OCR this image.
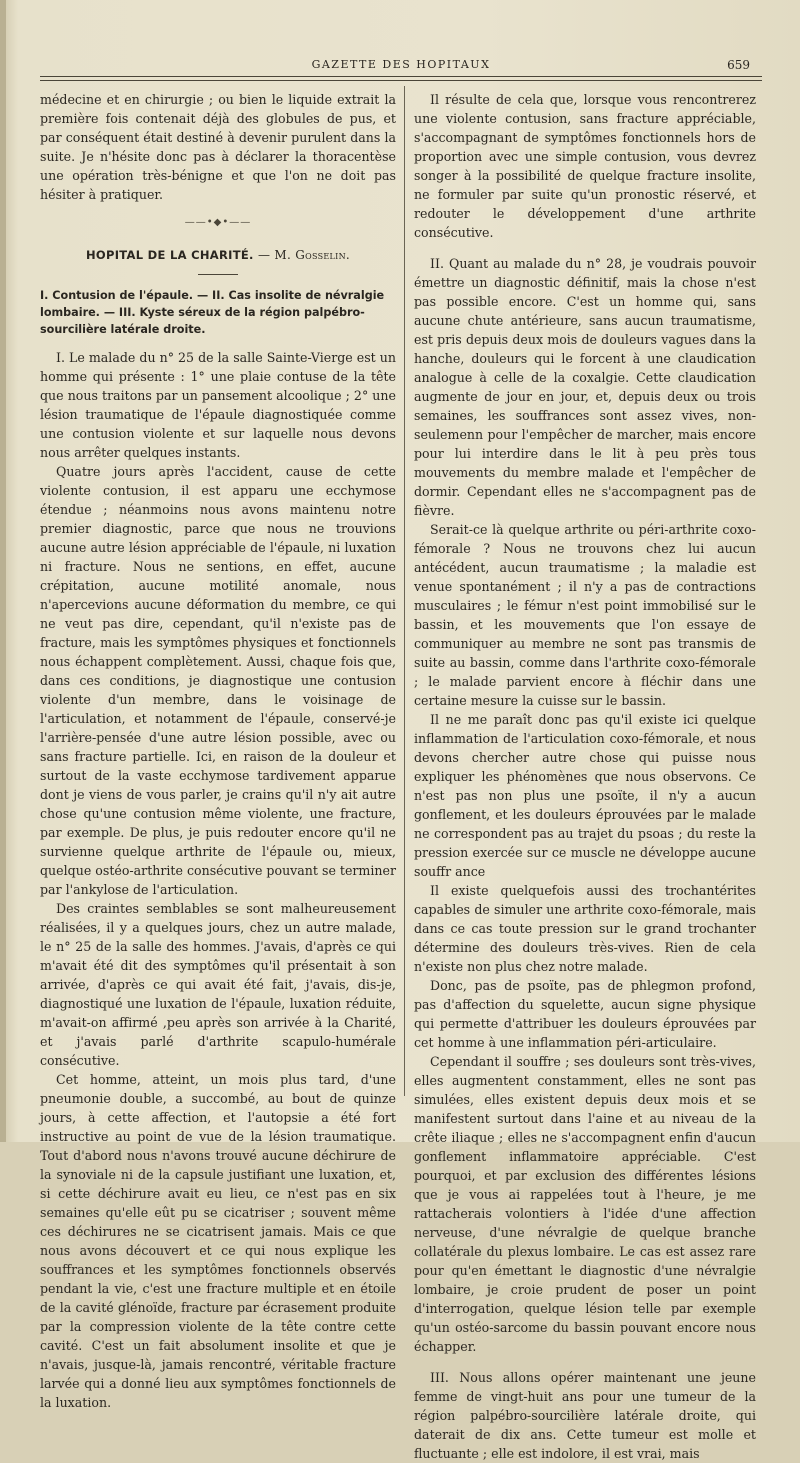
GAZETTE DES HOPITAUX	659

médecine et en chirurgie ; ou bien le liquide extrait la première fois contenait déjà des globules de pus, et par conséquent était destiné à devenir purulent dans la suite. Je n'hésite donc pas à déclarer la thoracentèse une opération très-bénigne et que l'on ne doit pas hésiter à pratiquer.

——•◆•——
HOPITAL DE LA CHARITÉ. — M. Gosselin.
I. Contusion de l'épaule. — II. Cas insolite de névralgie lombaire. — III. Kyste séreux de la région palpébro-sourcilière latérale droite.

I. Le malade du n° 25 de la salle Sainte-Vierge est un homme qui présente : 1° une plaie contuse de la tête que nous traitons par un pansement alcoolique ; 2° une lésion traumatique de l'épaule diagnostiquée comme une contusion violente et sur laquelle nous devons nous arrêter quelques instants.

Quatre jours après l'accident, cause de cette violente contusion, il est apparu une ecchymose étendue ; néanmoins nous avons maintenu notre premier diagnostic, parce que nous ne trouvions aucune autre lésion appréciable de l'épaule, ni luxation ni fracture. Nous ne sentions, en effet, aucune crépitation, aucune motilité anomale, nous n'apercevions aucune déformation du membre, ce qui ne veut pas dire, cependant, qu'il n'existe pas de fracture, mais les symptômes physiques et fonctionnels nous échappent complètement. Aussi, chaque fois que, dans ces conditions, je diagnostique une contusion violente d'un membre, dans le voisinage de l'articulation, et notamment de l'épaule, conservé-je l'arrière-pensée d'une autre lésion possible, avec ou sans fracture partielle. Ici, en raison de la douleur et surtout de la vaste ecchymose tardivement apparue dont je viens de vous parler, je crains qu'il n'y ait autre chose qu'une contusion même violente, une fracture, par exemple. De plus, je puis redouter encore qu'il ne survienne quelque arthrite de l'épaule ou, mieux, quelque ostéo-arthrite consécutive pouvant se terminer par l'ankylose de l'articulation.

Des craintes semblables se sont malheureusement réalisées, il y a quelques jours, chez un autre malade, le n° 25 de la salle des hommes. J'avais, d'après ce qui m'avait été dit des symptômes qu'il présentait à son arrivée, d'après ce qui avait été fait, j'avais, dis-je, diagnostiqué une luxation de l'épaule, luxation réduite, m'avait-on affirmé ,peu après son arrivée à la Charité, et j'avais parlé d'arthrite scapulo-humérale consécutive.

Cet homme, atteint, un mois plus tard, d'une pneumonie double, a succombé, au bout de quinze jours, à cette affection, et l'autopsie a été fort instructive au point de vue de la lésion traumatique. Tout d'abord nous n'avons trouvé aucune déchirure de la synoviale ni de la capsule justifiant une luxation, et, si cette déchirure avait eu lieu, ce n'est pas en six semaines qu'elle eût pu se cicatriser ; souvent même ces déchirures ne se cicatrisent jamais. Mais ce que nous avons découvert et ce qui nous explique les souffrances et les symptômes fonctionnels observés pendant la vie, c'est une fracture multiple et en étoile de la cavité glénoïde, fracture par écrasement produite par la compression violente de la tête contre cette cavité. C'est un fait absolument insolite et que je n'avais, jusque-là, jamais rencontré, véritable fracture larvée qui a donné lieu aux symptômes fonctionnels de la luxation.

Il résulte de cela que, lorsque vous rencontrerez une violente contusion, sans fracture appréciable, s'accompagnant de symptômes fonctionnels hors de proportion avec une simple contusion, vous devrez songer à la possibilité de quelque fracture insolite, ne formuler par suite qu'un pronostic réservé, et redouter le développement d'une arthrite consécutive.

II. Quant au malade du n° 28, je voudrais pouvoir émettre un diagnostic définitif, mais la chose n'est pas possible encore. C'est un homme qui, sans aucune chute antérieure, sans aucun traumatisme, est pris depuis deux mois de douleurs vagues dans la hanche, douleurs qui le forcent à une claudication analogue à celle de la coxalgie. Cette claudication augmente de jour en jour, et, depuis deux ou trois semaines, les souffrances sont assez vives, non-seulemenn pour l'empêcher de marcher, mais encore pour lui interdire dans le lit à peu près tous mouvements du membre malade et l'empêcher de dormir. Cependant elles ne s'accompagnent pas de fièvre.

Serait-ce là quelque arthrite ou péri-arthrite coxo-fémorale ? Nous ne trouvons chez lui aucun antécédent, aucun traumatisme ; la maladie est venue spontanément ; il n'y a pas de contractions musculaires ; le fémur n'est point immobilisé sur le bassin, et les mouvements que l'on essaye de communiquer au membre ne sont pas transmis de suite au bassin, comme dans l'arthrite coxo-fémorale ; le malade parvient encore à fléchir dans une certaine mesure la cuisse sur le bassin.

Il ne me paraît donc pas qu'il existe ici quelque inflammation de l'articulation coxo-fémorale, et nous devons chercher autre chose qui puisse nous expliquer les phénomènes que nous observons. Ce n'est pas non plus une psoïte, il n'y a aucun gonflement, et les douleurs éprouvées par le malade ne correspondent pas au trajet du psoas ; du reste la pression exercée sur ce muscle ne développe aucune souffr ance

Il existe quelquefois aussi des trochantérites capables de simuler une arthrite coxo-fémorale, mais dans ce cas toute pression sur le grand trochanter détermine des douleurs très-vives. Rien de cela n'existe non plus chez notre malade.

Donc, pas de psoïte, pas de phlegmon profond, pas d'affection du squelette, aucun signe physique qui permette d'attribuer les douleurs éprouvées par cet homme à une inflammation péri-articulaire.

Cependant il souffre ; ses douleurs sont très-vives, elles augmentent constamment, elles ne sont pas simulées, elles existent depuis deux mois et se manifestent surtout dans l'aine et au niveau de la crête iliaque ; elles ne s'accompagnent enfin d'aucun gonflement inflammatoire appréciable. C'est pourquoi, et par exclusion des différentes lésions que je vous ai rappelées tout à l'heure, je me rattacherais volontiers à l'idée d'une affection nerveuse, d'une névralgie de quelque branche collatérale du plexus lombaire. Le cas est assez rare pour qu'en émettant le diagnostic d'une névralgie lombaire, je croie prudent de poser un point d'interrogation, quelque lésion telle par exemple qu'un ostéo-sarcome du bassin pouvant encore nous échapper.

III. Nous allons opérer maintenant une jeune femme de vingt-huit ans pour une tumeur de la région palpébro-sourcilière latérale droite, qui daterait de dix ans. Cette tumeur est molle et fluctuante ; elle est indolore, il est vrai, mais
